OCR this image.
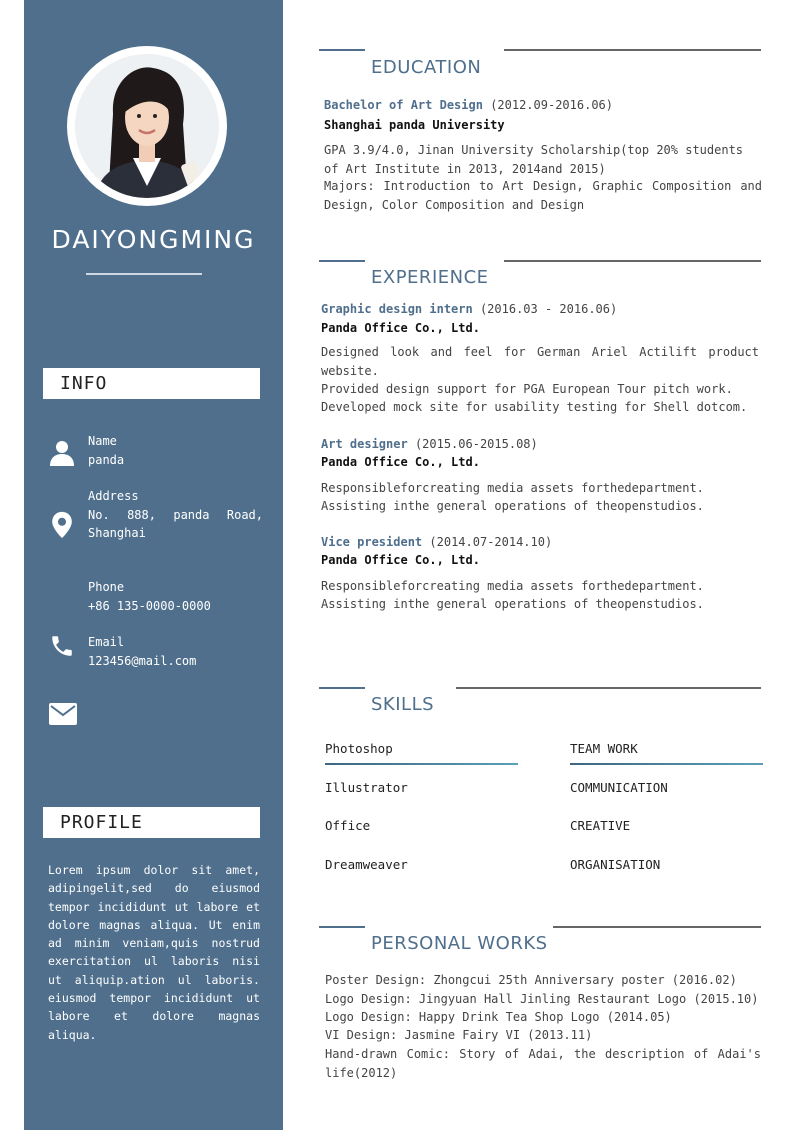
DAIYONGMING
INFO
Name
panda
Address
No. 888, panda Road, Shanghai
Phone
+86 135-0000-0000
Email
123456@mail.com
PROFILE
Lorem ipsum dolor sit amet, adipingelit,sed do eiusmod tempor incididunt ut labore et dolore magnas aliqua. Ut enim ad minim veniam,quis nostrud exercitation ul laboris nisi ut aliquip.ation ul laboris. eiusmod tempor incididunt ut labore et dolore magnas aliqua.
EDUCATION
Bachelor of Art Design (2012.09-2016.06)
Shanghai panda University
GPA 3.9/4.0, Jinan University Scholarship(top 20% students of Art Institute in 2013, 2014and 2015)
Majors: Introduction to Art Design, Graphic Composition and Design, Color Composition and Design
EXPERIENCE
Graphic design intern (2016.03 - 2016.06)
Panda Office Co., Ltd.
Designed look and feel for German Ariel Actilift product website.
Provided design support for PGA European Tour pitch work.
Developed mock site for usability testing for Shell dotcom.
Art designer (2015.06-2015.08)
Panda Office Co., Ltd.
Responsibleforcreating media assets forthedepartment.
Assisting inthe general operations of theopenstudios.
Vice president (2014.07-2014.10)
Panda Office Co., Ltd.
Responsibleforcreating media assets forthedepartment.
Assisting inthe general operations of theopenstudios.
SKILLS
Photoshop
Illustrator
Office
Dreamweaver
TEAM WORK
COMMUNICATION
CREATIVE
ORGANISATION
PERSONAL WORKS
Poster Design: Zhongcui 25th Anniversary poster (2016.02)
Logo Design: Jingyuan Hall Jinling Restaurant Logo (2015.10)
Logo Design: Happy Drink Tea Shop Logo (2014.05)
VI Design: Jasmine Fairy VI (2013.11)
Hand-drawn Comic: Story of Adai, the description of Adai's life(2012)
